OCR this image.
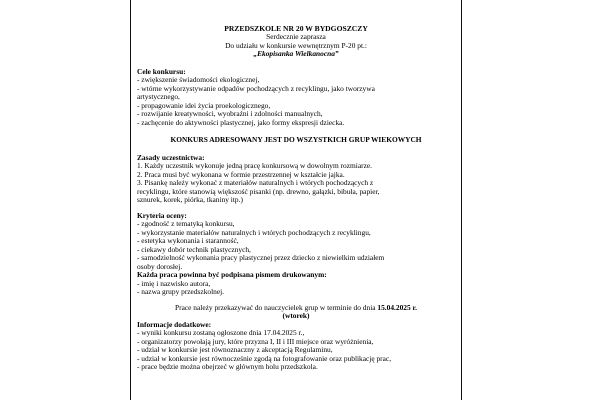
PRZEDSZKOLE NR 20 W BYDGOSZCZY
Serdecznie zaprasza
Do udziału w konkursie wewnętrznym P-20 pt.:
„Ekopisanka Wielkanocna”
Cele konkursu:
- zwiększenie świadomości ekologicznej,
- wtórne wykorzystywanie odpadów pochodzących z recyklingu, jako tworzywa
artystycznego,
- propagowanie idei życia proekologicznego,
- rozwijanie kreatywności, wyobraźni i zdolności manualnych,
- zachęcenie do aktywności plastycznej, jako formy ekspresji dziecka.
KONKURS ADRESOWANY JEST DO WSZYSTKICH GRUP WIEKOWYCH
Zasady uczestnictwa:
1. Każdy uczestnik wykonuje jedną pracę konkursową w dowolnym rozmiarze.
2. Praca musi być wykonana w formie przestrzennej w kształcie jajka.
3. Pisankę należy wykonać z materiałów naturalnych i wtórych pochodzących z
recyklingu, które stanowią większość pisanki (np. drewno, gałązki, bibuła, papier,
sznurek, korek, piórka, tkaniny itp.)
Kryteria oceny:
- zgodność z tematyką konkursu,
- wykorzystanie materiałów naturalnych i wtórych pochodzących z recyklingu,
- estetyka wykonania i staranność,
- ciekawy dobór technik plastycznych,
- samodzielność wykonania pracy plastycznej przez dziecko z niewielkim udziałem
osoby dorosłej.
Każda praca powinna być podpisana pismem drukowanym:
- imię i nazwisko autora,
- nazwa grupy przedszkolnej.
Prace należy przekazywać do nauczycielek grup w terminie do dnia 15.04.2025 r.
(wtorek)
Informacje dodatkowe:
- wyniki konkursu zostaną ogłoszone dnia 17.04.2025 r.,
- organizatorzy powołają jury, które przyzna I, II i III miejsce oraz wyróżnienia,
- udział w konkursie jest równoznaczny z akceptacją Regulaminu,
- udział w konkursie jest równocześnie zgodą na fotografowanie oraz publikację prac,
- prace będzie można obejrzeć w głównym holu przedszkola.
